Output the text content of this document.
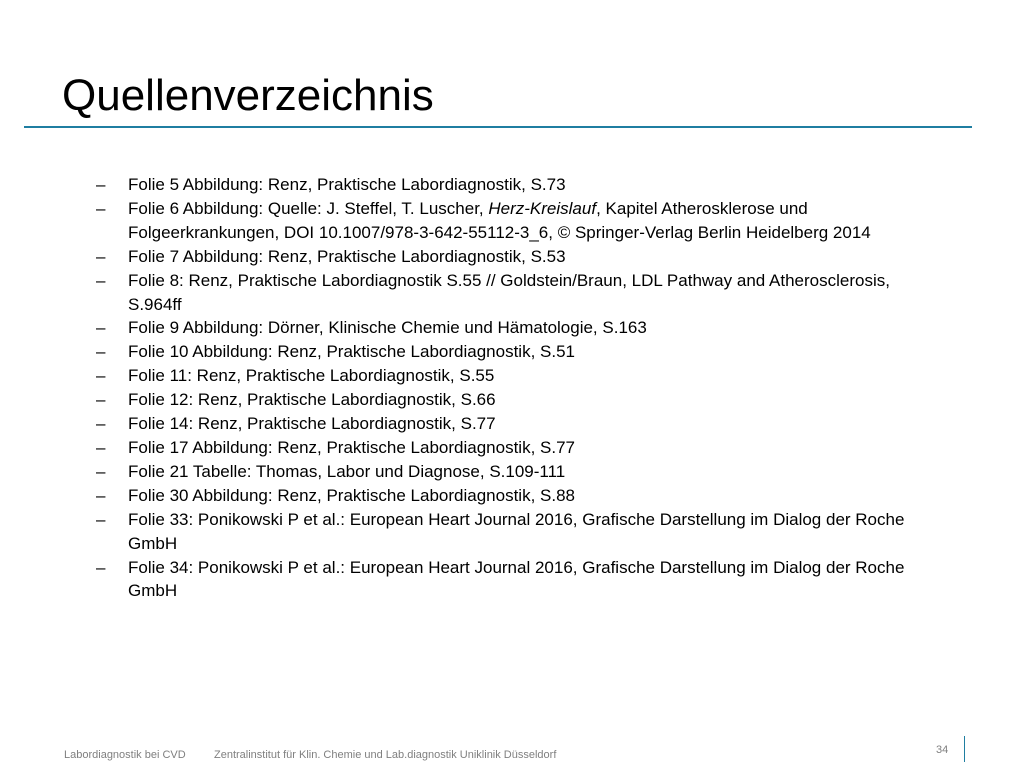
Quellenverzeichnis
– Folie 5 Abbildung: Renz, Praktische Labordiagnostik, S.73
– Folie 6 Abbildung: Quelle: J. Steffel, T. Luscher, Herz-Kreislauf, Kapitel Atherosklerose und Folgeerkrankungen, DOI 10.1007/978-3-642-55112-3_6, © Springer-Verlag Berlin Heidelberg 2014
– Folie 7 Abbildung: Renz, Praktische Labordiagnostik, S.53
– Folie 8: Renz, Praktische Labordiagnostik S.55 // Goldstein/Braun, LDL Pathway and Atherosclerosis, S.964ff
– Folie 9 Abbildung: Dörner, Klinische Chemie und Hämatologie, S.163
– Folie 10 Abbildung: Renz, Praktische Labordiagnostik, S.51
– Folie 11: Renz, Praktische Labordiagnostik, S.55
– Folie 12: Renz, Praktische Labordiagnostik, S.66
– Folie 14: Renz, Praktische Labordiagnostik, S.77
– Folie 17 Abbildung: Renz, Praktische Labordiagnostik, S.77
– Folie 21 Tabelle: Thomas, Labor und Diagnose, S.109-111
– Folie 30 Abbildung: Renz, Praktische Labordiagnostik, S.88
– Folie 33: Ponikowski P et al.: European Heart Journal 2016, Grafische Darstellung im Dialog der Roche GmbH
– Folie 34: Ponikowski P et al.: European Heart Journal 2016, Grafische Darstellung im Dialog der Roche GmbH
Labordiagnostik bei CVD	Zentralinstitut für Klin. Chemie und Lab.diagnostik Uniklinik Düsseldorf	34
